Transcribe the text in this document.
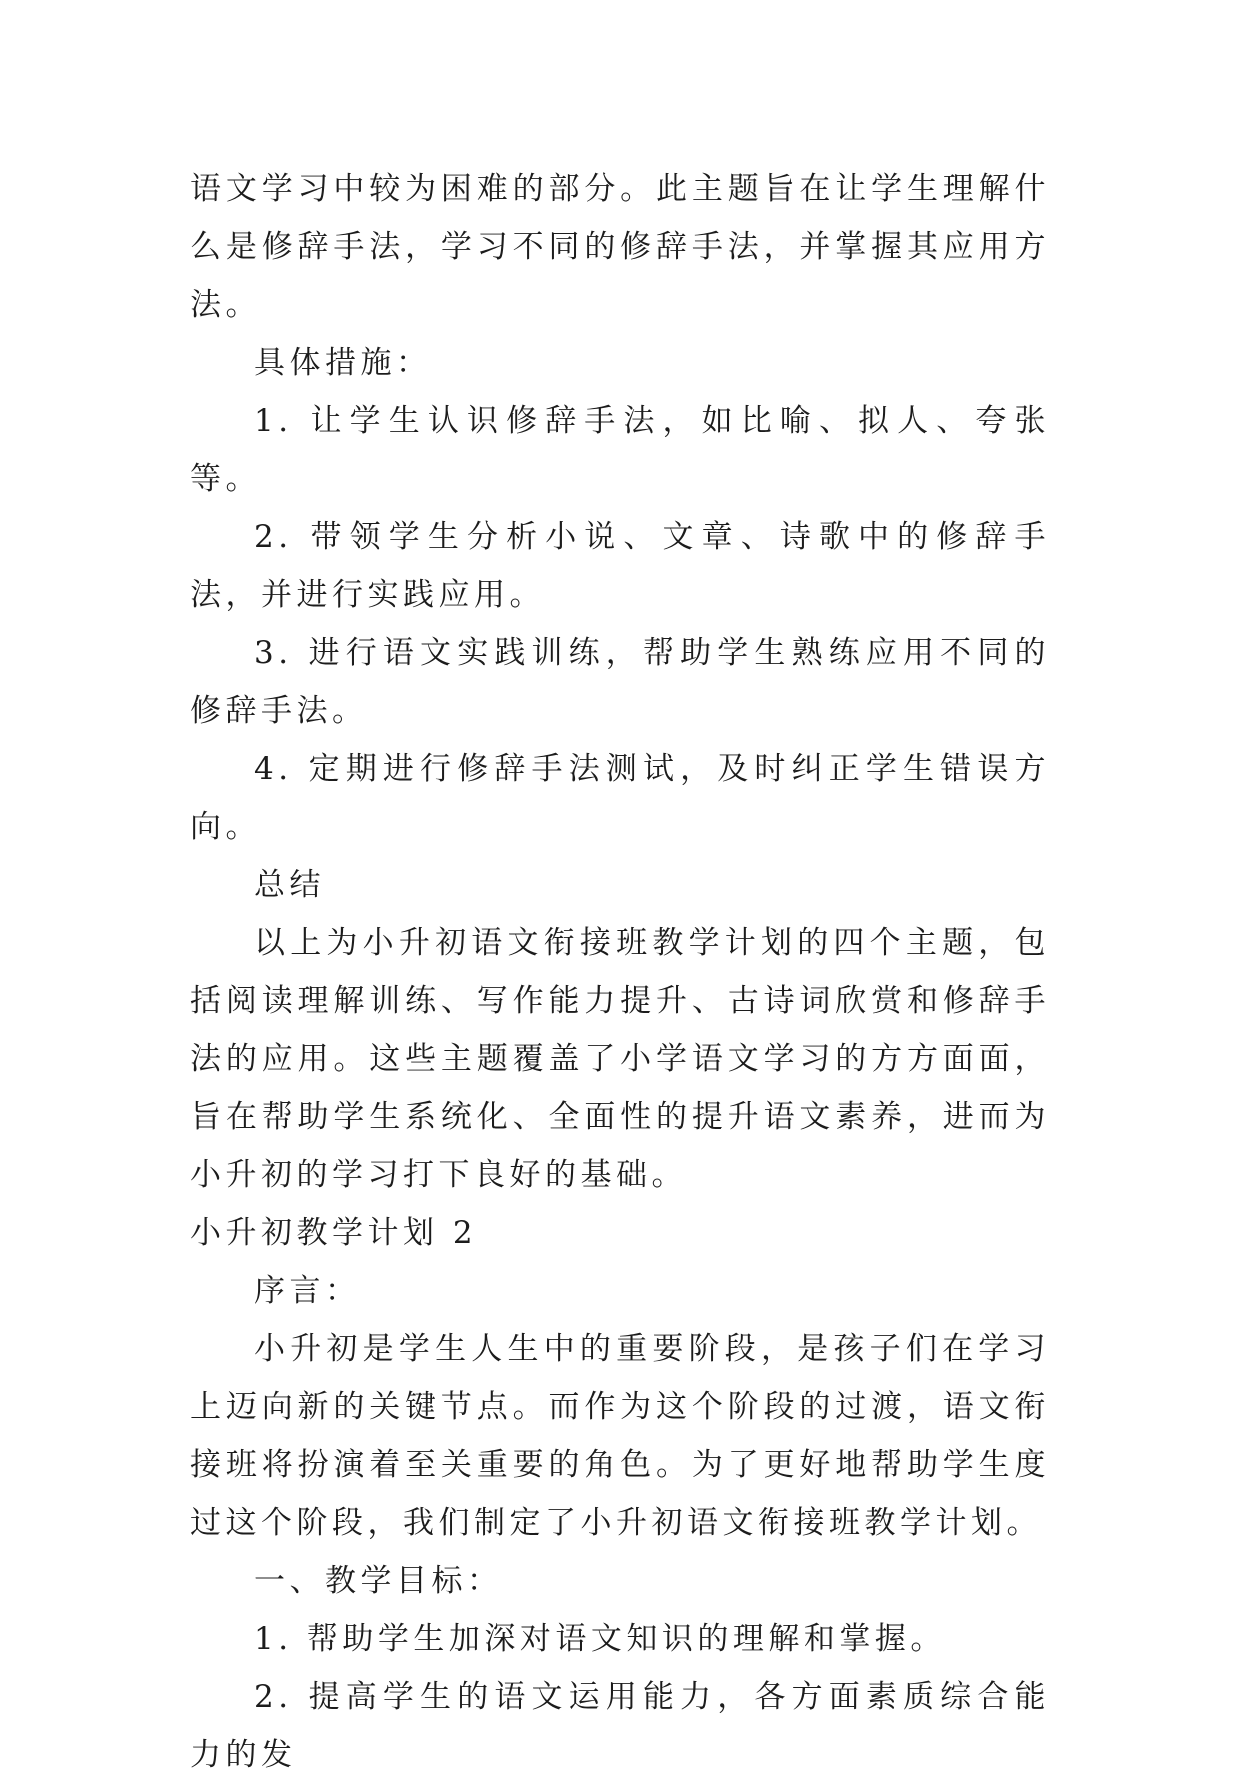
语文学习中较为困难的部分。此主题旨在让学生理解什么是修辞手法，学习不同的修辞手法，并掌握其应用方法。

具体措施：

1. 让学生认识修辞手法，如比喻、拟人、夸张等。

2. 带领学生分析小说、文章、诗歌中的修辞手法，并进行实践应用。

3. 进行语文实践训练，帮助学生熟练应用不同的修辞手法。

4. 定期进行修辞手法测试，及时纠正学生错误方向。

总结

以上为小升初语文衔接班教学计划的四个主题，包括阅读理解训练、写作能力提升、古诗词欣赏和修辞手法的应用。这些主题覆盖了小学语文学习的方方面面，旨在帮助学生系统化、全面性的提升语文素养，进而为小升初的学习打下良好的基础。

小升初教学计划 2

序言：

小升初是学生人生中的重要阶段，是孩子们在学习上迈向新的关键节点。而作为这个阶段的过渡，语文衔接班将扮演着至关重要的角色。为了更好地帮助学生度过这个阶段，我们制定了小升初语文衔接班教学计划。

一、教学目标：

1. 帮助学生加深对语文知识的理解和掌握。

2. 提高学生的语文运用能力，各方面素质综合能力的发
